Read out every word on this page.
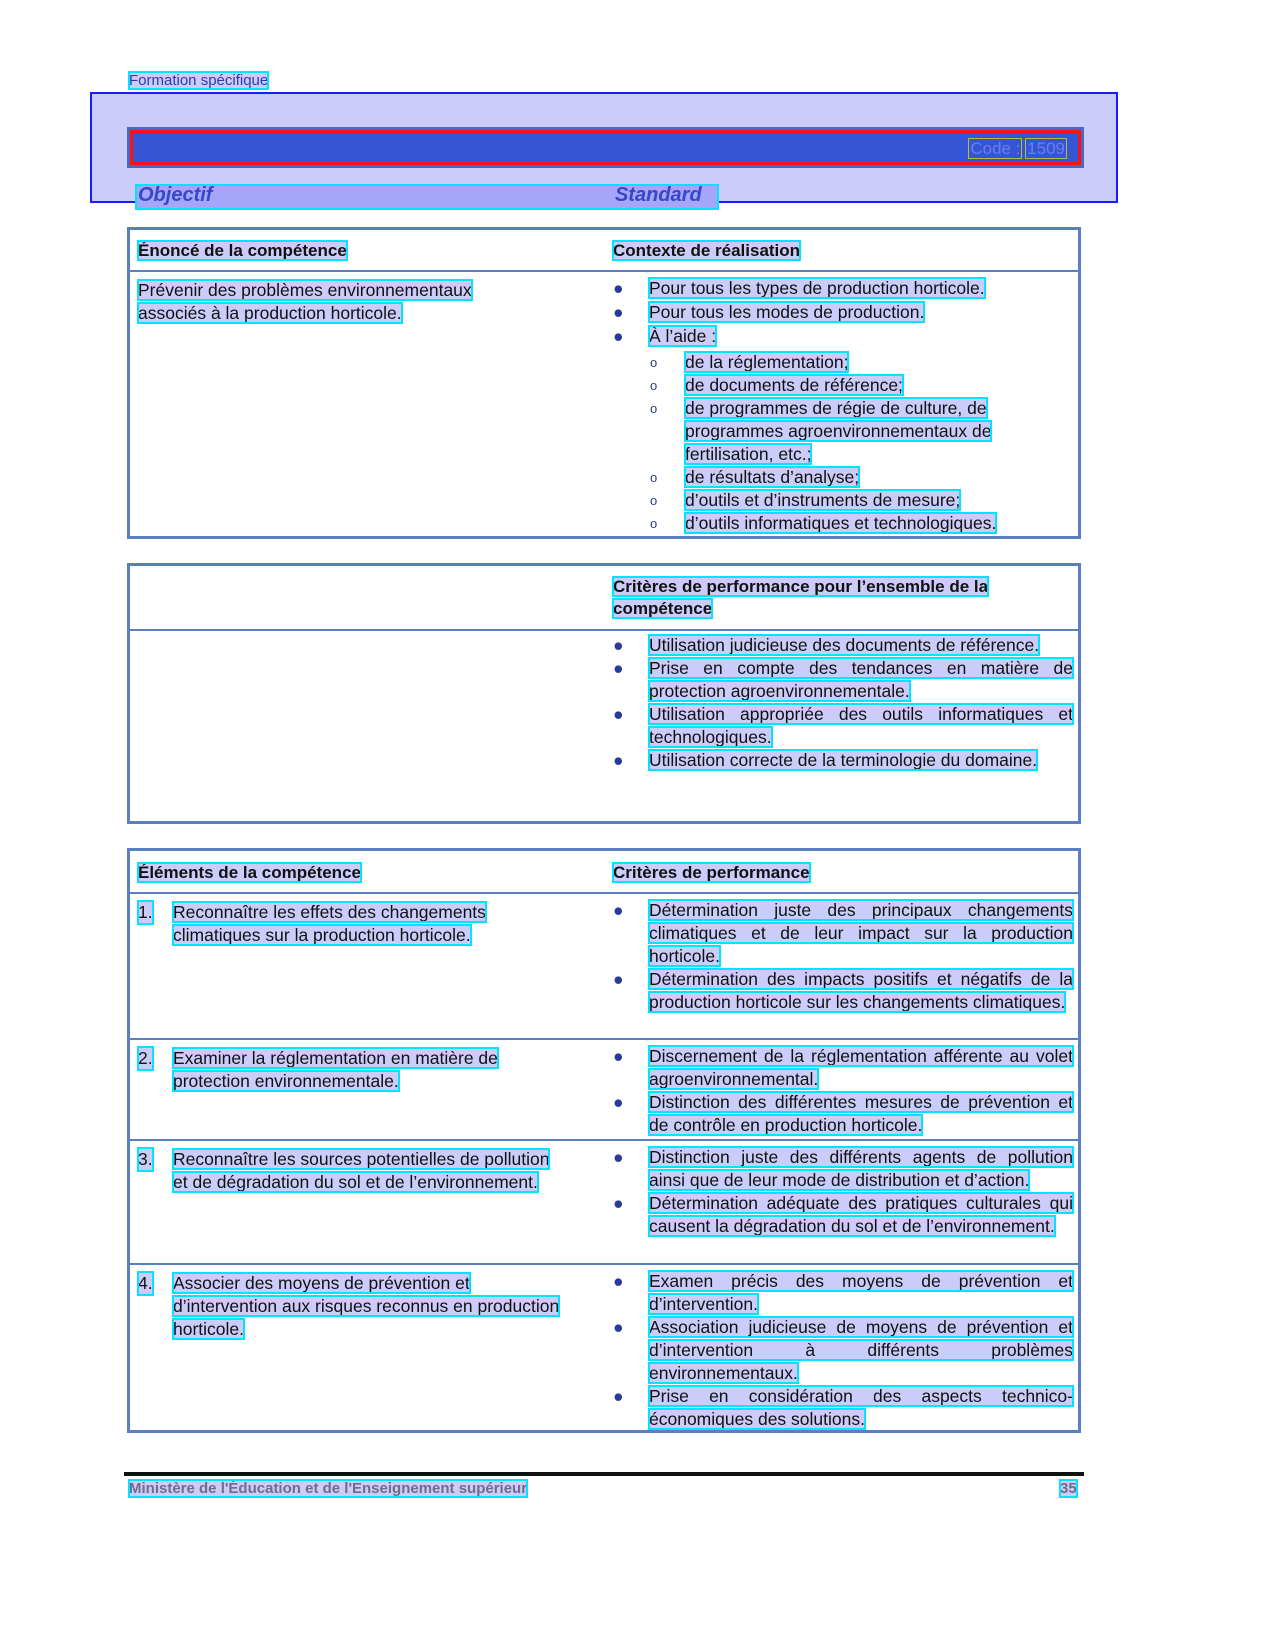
Formation spécifique
Code : 1509
Objectif	Standard
Énoncé de la compétence	Contexte de réalisation
Prévenir des problèmes environnementaux associés à la production horticole.
● Pour tous les types de production horticole.
● Pour tous les modes de production.
● À l’aide :
o de la réglementation;
o de documents de référence;
o de programmes de régie de culture, de programmes agroenvironnementaux de fertilisation, etc.;
o de résultats d’analyse;
o d’outils et d’instruments de mesure;
o d’outils informatiques et technologiques.
Critères de performance pour l’ensemble de la compétence
● Utilisation judicieuse des documents de référence.
● Prise en compte des tendances en matière de protection agroenvironnementale.
● Utilisation appropriée des outils informatiques et technologiques.
● Utilisation correcte de la terminologie du domaine.
Éléments de la compétence	Critères de performance
1. Reconnaître les effets des changements climatiques sur la production horticole.
● Détermination juste des principaux changements climatiques et de leur impact sur la production horticole.
● Détermination des impacts positifs et négatifs de la production horticole sur les changements climatiques.
2. Examiner la réglementation en matière de protection environnementale.
● Discernement de la réglementation afférente au volet agroenvironnemental.
● Distinction des différentes mesures de prévention et de contrôle en production horticole.
3. Reconnaître les sources potentielles de pollution et de dégradation du sol et de l’environnement.
● Distinction juste des différents agents de pollution ainsi que de leur mode de distribution et d’action.
● Détermination adéquate des pratiques culturales qui causent la dégradation du sol et de l’environnement.
4. Associer des moyens de prévention et d’intervention aux risques reconnus en production horticole.
● Examen précis des moyens de prévention et d’intervention.
● Association judicieuse de moyens de prévention et d’intervention à différents problèmes environnementaux.
● Prise en considération des aspects technico-économiques des solutions.
Ministère de l'Éducation et de l'Enseignement supérieur	35
